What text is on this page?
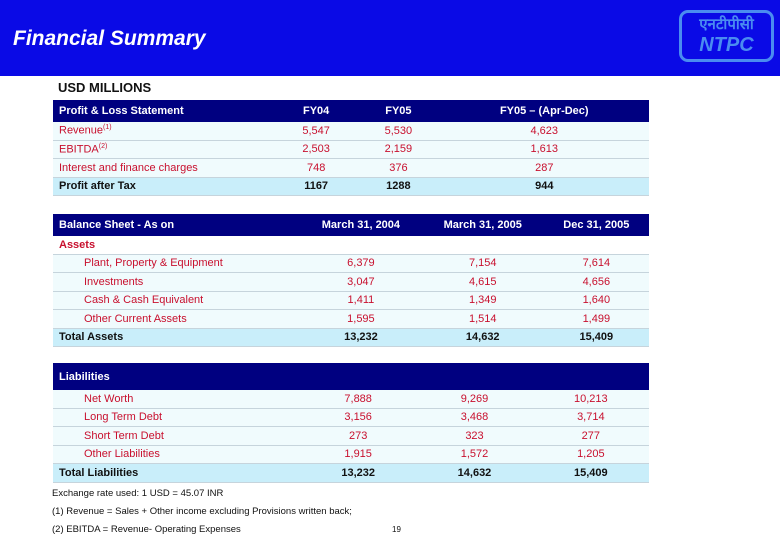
Financial Summary
एनटीपीसी
NTPC
USD MILLIONS
Profit & Loss Statement	FY04	FY05	FY05 – (Apr-Dec)
Revenue$^{(1)}$	5,547	5,530	4,623
EBITDA$^{(2)}$	2,503	2,159	1,613
Interest and finance charges	748	376	287
Profit after Tax	1167	1288	944
Balance Sheet - As on	March 31, 2004	March 31, 2005	Dec 31, 2005
Assets			
Plant, Property & Equipment	6,379	7,154	7,614
Investments	3,047	4,615	4,656
Cash & Cash Equivalent	1,411	1,349	1,640
Other Current Assets	1,595	1,514	1,499
Total Assets	13,232	14,632	15,409
Liabilities			
Net Worth	7,888	9,269	10,213
Long Term Debt	3,156	3,468	3,714
Short Term Debt	273	323	277
Other Liabilities	1,915	1,572	1,205
Total Liabilities	13,232	14,632	15,409
Exchange rate used: 1 USD = 45.07 INR
(1) Revenue = Sales + Other income excluding Provisions written back;
(2) EBITDA = Revenue- Operating Expenses	19
